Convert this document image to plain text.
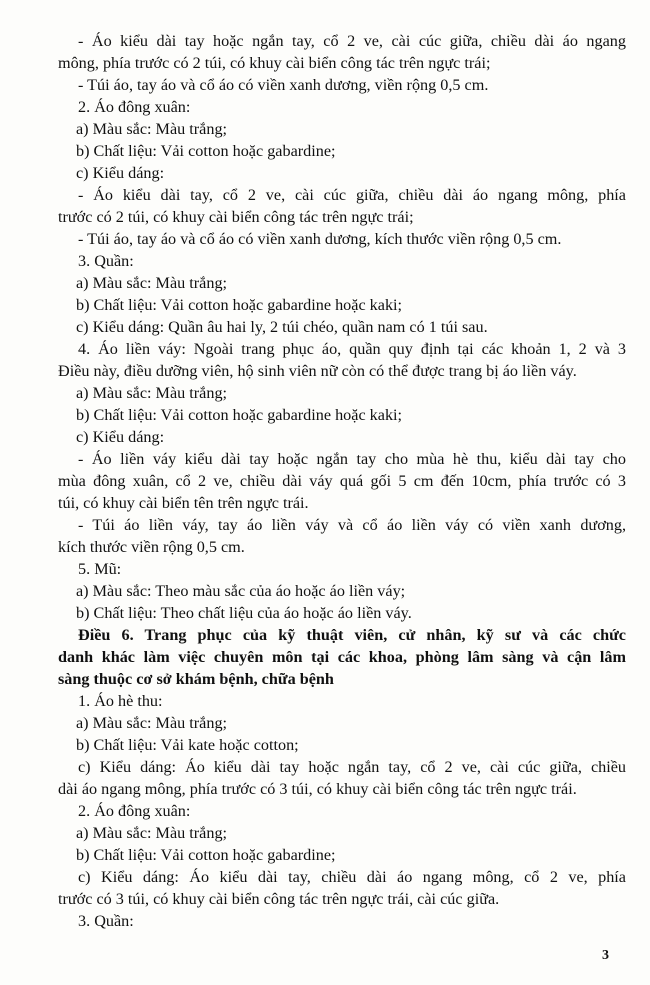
- Áo kiểu dài tay hoặc ngắn tay, cổ 2 ve, cài cúc giữa, chiều dài áo ngang
mông, phía trước có 2 túi, có khuy cài biển công tác trên ngực trái;
- Túi áo, tay áo và cổ áo có viền xanh dương, viền rộng 0,5 cm.
2. Áo đông xuân:
a) Màu sắc: Màu trắng;
b) Chất liệu: Vải cotton hoặc gabardine;
c) Kiểu dáng:
- Áo kiểu dài tay, cổ 2 ve, cài cúc giữa, chiều dài áo ngang mông, phía
trước có 2 túi, có khuy cài biển công tác trên ngực trái;
- Túi áo, tay áo và cổ áo có viền xanh dương, kích thước viền rộng 0,5 cm.
3. Quần:
a) Màu sắc: Màu trắng;
b) Chất liệu: Vải cotton hoặc gabardine hoặc kaki;
c) Kiểu dáng: Quần âu hai ly, 2 túi chéo, quần nam có 1 túi sau.
4. Áo liền váy: Ngoài trang phục áo, quần quy định tại các khoản 1, 2 và 3
Điều này, điều dưỡng viên, hộ sinh viên nữ còn có thể được trang bị áo liền váy.
a) Màu sắc: Màu trắng;
b) Chất liệu: Vải cotton hoặc gabardine hoặc kaki;
c) Kiểu dáng:
- Áo liền váy kiểu dài tay hoặc ngắn tay cho mùa hè thu, kiểu dài tay cho
mùa đông xuân, cổ 2 ve, chiều dài váy quá gối 5 cm đến 10cm, phía trước có 3
túi, có khuy cài biển tên trên ngực trái.
- Túi áo liền váy, tay áo liền váy và cổ áo liền váy có viền xanh dương,
kích thước viền rộng 0,5 cm.
5. Mũ:
a) Màu sắc: Theo màu sắc của áo hoặc áo liền váy;
b) Chất liệu: Theo chất liệu của áo hoặc áo liền váy.
Điều 6. Trang phục của kỹ thuật viên, cử nhân, kỹ sư và các chức
danh khác làm việc chuyên môn tại các khoa, phòng lâm sàng và cận lâm
sàng thuộc cơ sở khám bệnh, chữa bệnh
1. Áo hè thu:
a) Màu sắc: Màu trắng;
b) Chất liệu: Vải kate hoặc cotton;
c) Kiểu dáng: Áo kiểu dài tay hoặc ngắn tay, cổ 2 ve, cài cúc giữa, chiều
dài áo ngang mông, phía trước có 3 túi, có khuy cài biển công tác trên ngực trái.
2. Áo đông xuân:
a) Màu sắc: Màu trắng;
b) Chất liệu: Vải cotton hoặc gabardine;
c) Kiểu dáng: Áo kiểu dài tay, chiều dài áo ngang mông, cổ 2 ve, phía
trước có 3 túi, có khuy cài biển công tác trên ngực trái, cài cúc giữa.
3. Quần:
3
